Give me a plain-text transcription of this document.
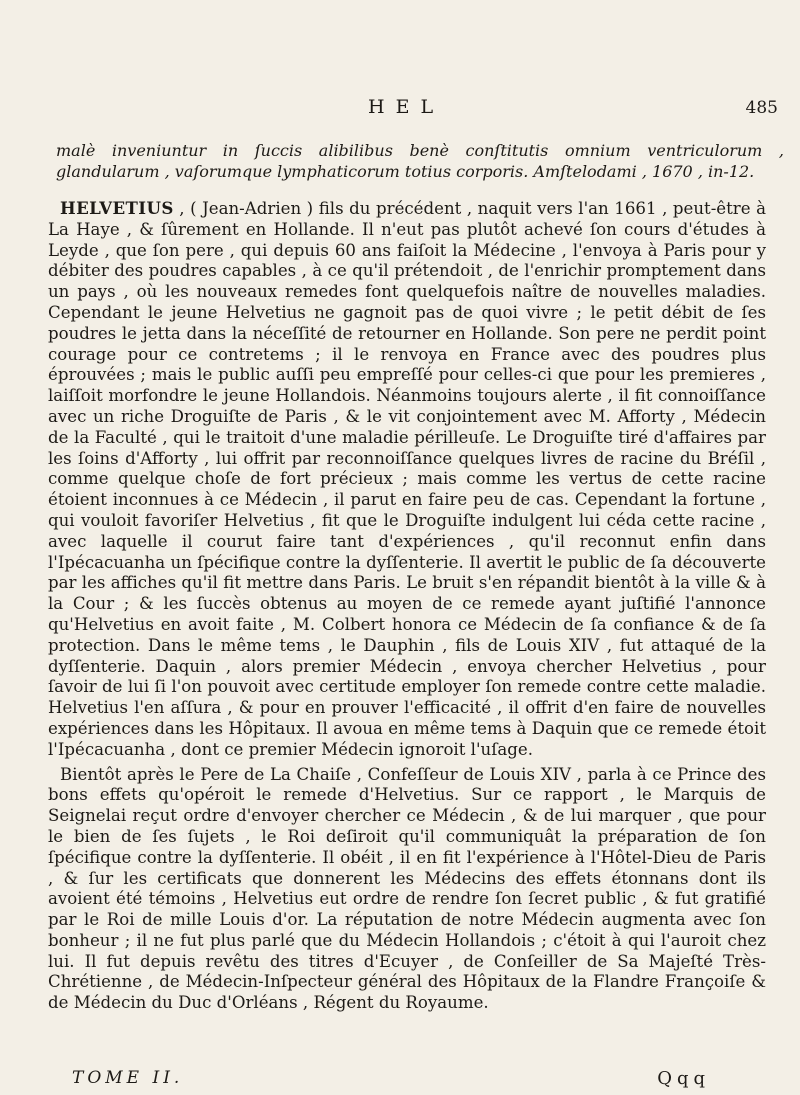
HEL	485
malè inveniuntur in ſuccis alibilibus benè conſtitutis omnium ventriculorum , glandularum , vaſorumque lymphaticorum totius corporis. Amſtelodami , 1670 , in-12.

HELVETIUS , ( Jean-Adrien ) fils du précédent , naquit vers l'an 1661 , peut-être à La Haye , & ſûrement en Hollande. Il n'eut pas plutôt achevé ſon cours d'études à Leyde , que ſon pere , qui depuis 60 ans faiſoit la Médecine , l'envoya à Paris pour y débiter des poudres capables , à ce qu'il prétendoit , de l'enrichir promptement dans un pays , où les nouveaux remedes font quelquefois naître de nouvelles maladies. Cependant le jeune Helvetius ne gagnoit pas de quoi vivre ; le petit débit de ſes poudres le jetta dans la néceſſité de retourner en Hollande. Son pere ne perdit point courage pour ce contretems ; il le renvoya en France avec des poudres plus éprouvées ; mais le public auſſi peu empreſſé pour celles-ci que pour les premieres , laiſſoit morfondre le jeune Hollandois. Néanmoins toujours alerte , il fit connoiſſance avec un riche Droguiſte de Paris , & le vit conjointement avec M. Afforty , Médecin de la Faculté , qui le traitoit d'une maladie périlleuſe. Le Droguiſte tiré d'affaires par les ſoins d'Afforty , lui offrit par reconnoiſſance quelques livres de racine du Bréſil , comme quelque choſe de fort précieux ; mais comme les vertus de cette racine étoient inconnues à ce Médecin , il parut en faire peu de cas. Cependant la fortune , qui vouloit favoriſer Helvetius , fit que le Droguiſte indulgent lui céda cette racine , avec laquelle il courut faire tant d'expériences , qu'il reconnut enfin dans l'Ipécacuanha un ſpécifique contre la dyſſenterie. Il avertit le public de ſa découverte par les affiches qu'il fit mettre dans Paris. Le bruit s'en répandit bientôt à la ville & à la Cour ; & les ſuccès obtenus au moyen de ce remede ayant juſtifié l'annonce qu'Helvetius en avoit faite , M. Colbert honora ce Médecin de ſa confiance & de ſa protection. Dans le même tems , le Dauphin , fils de Louis XIV , fut attaqué de la dyſſenterie. Daquin , alors premier Médecin , envoya chercher Helvetius , pour ſavoir de lui ſi l'on pouvoit avec certitude employer ſon remede contre cette maladie. Helvetius l'en aſſura , & pour en prouver l'efficacité , il offrit d'en faire de nouvelles expériences dans les Hôpitaux. Il avoua en même tems à Daquin que ce remede étoit l'Ipécacuanha , dont ce premier Médecin ignoroit l'uſage.

Bientôt après le Pere de La Chaiſe , Confeſſeur de Louis XIV , parla à ce Prince des bons effets qu'opéroit le remede d'Helvetius. Sur ce rapport , le Marquis de Seignelai reçut ordre d'envoyer chercher ce Médecin , & de lui marquer , que pour le bien de ſes ſujets , le Roi deſiroit qu'il communiquât la préparation de ſon ſpécifique contre la dyſſenterie. Il obéit , il en fit l'expérience à l'Hôtel-Dieu de Paris , & ſur les certificats que donnerent les Médecins des effets étonnans dont ils avoient été témoins , Helvetius eut ordre de rendre ſon ſecret public , & fut gratifié par le Roi de mille Louis d'or. La réputation de notre Médecin augmenta avec ſon bonheur ; il ne fut plus parlé que du Médecin Hollandois ; c'étoit à qui l'auroit chez lui. Il fut depuis revêtu des titres d'Ecuyer , de Conſeiller de Sa Majeſté Très-Chrétienne , de Médecin-Inſpecteur général des Hôpitaux de la Flandre Françoiſe & de Médecin du Duc d'Orléans , Régent du Royaume.

TOME II.	Qqq
